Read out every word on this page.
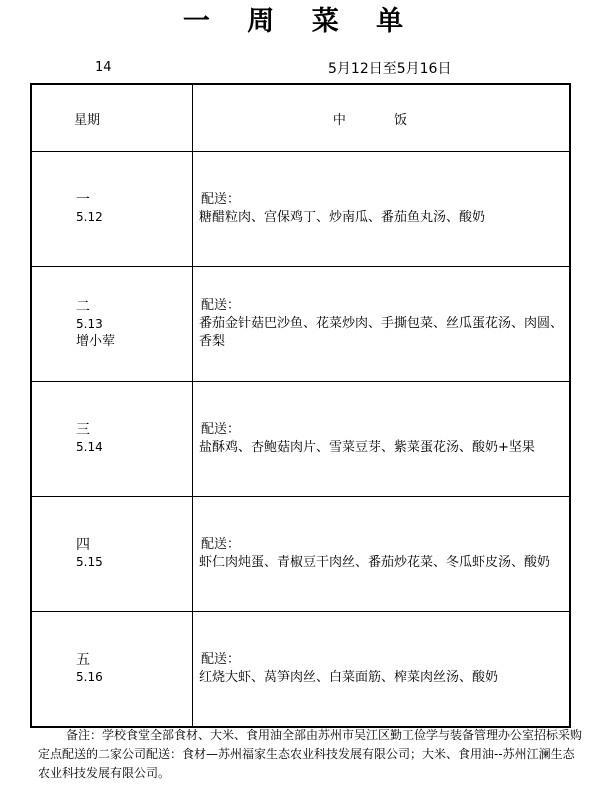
一 周 菜 单
14	5月12日至5月16日
星期	中 饭

一
5.12	配送：
糖醋粒肉、宫保鸡丁、炒南瓜、番茄鱼丸汤、酸奶

二
5.13
增小荤	配送：
番茄金针菇巴沙鱼、花菜炒肉、手撕包菜、丝瓜蛋花汤、肉圆、香梨

三
5.14	配送：
盐酥鸡、杏鲍菇肉片、雪菜豆芽、紫菜蛋花汤、酸奶+坚果

四
5.15	配送：
虾仁肉炖蛋、青椒豆干肉丝、番茄炒花菜、冬瓜虾皮汤、酸奶

五
5.16	配送：
红烧大虾、莴笋肉丝、白菜面筋、榨菜肉丝汤、酸奶
备注：学校食堂全部食材、大米、食用油全部由苏州市吴江区勤工俭学与装备管理办公室招标采购定点配送的二家公司配送：食材—苏州福家生态农业科技发展有限公司；大米、食用油--苏州江澜生态农业科技发展有限公司。
